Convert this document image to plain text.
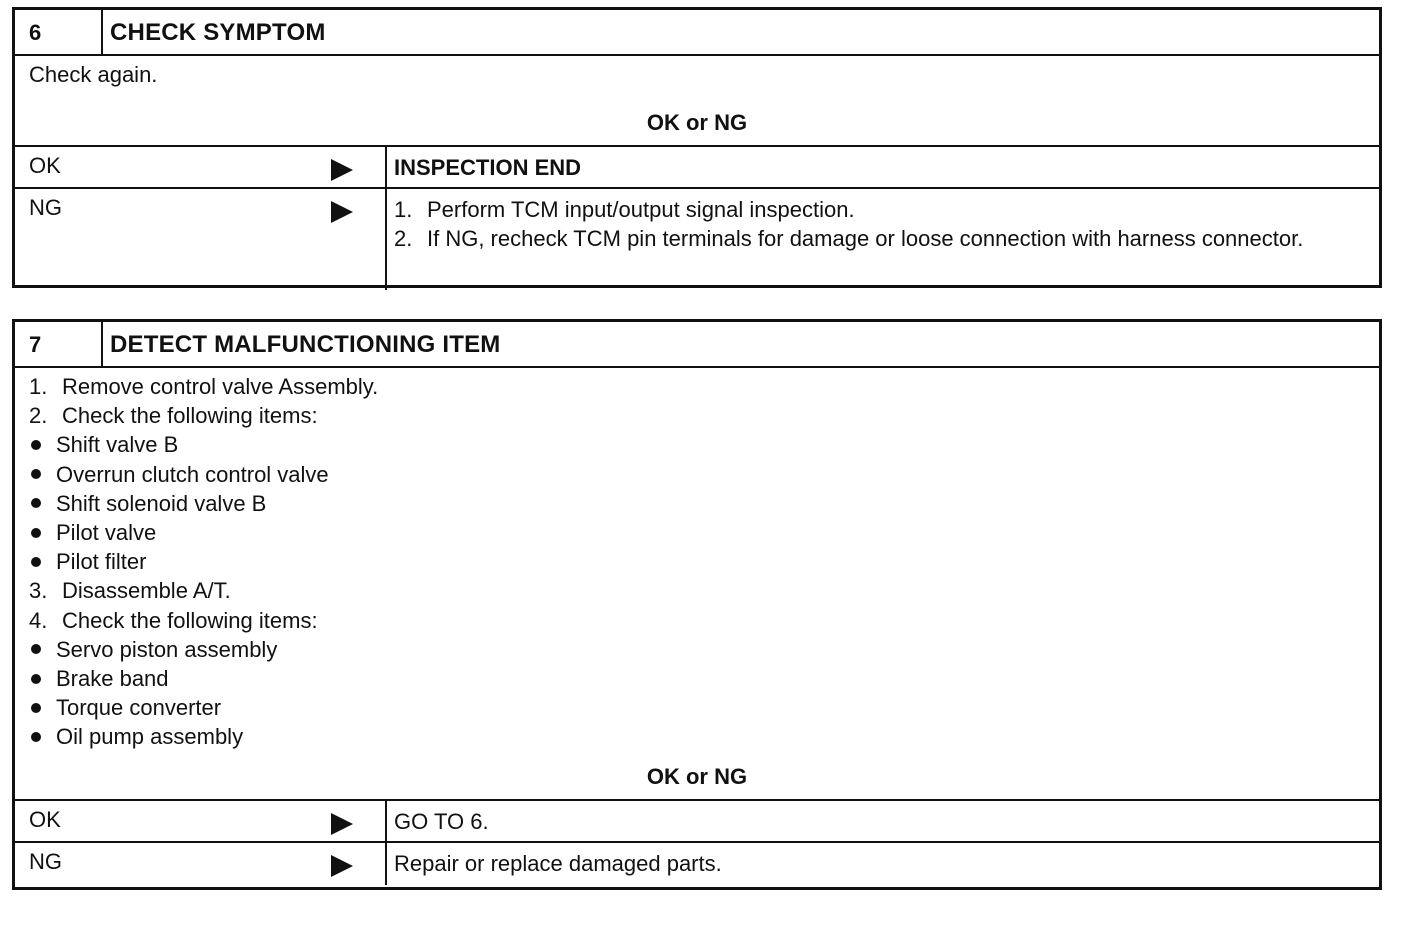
6	CHECK SYMPTOM
Check again.
OK or NG
OK	INSPECTION END
NG	1. Perform TCM input/output signal inspection.
2. If NG, recheck TCM pin terminals for damage or loose connection with harness connector.
7	DETECT MALFUNCTIONING ITEM
1. Remove control valve Assembly.
2. Check the following items:
Shift valve B
Overrun clutch control valve
Shift solenoid valve B
Pilot valve
Pilot filter
3. Disassemble A/T.
4. Check the following items:
Servo piston assembly
Brake band
Torque converter
Oil pump assembly
OK or NG
OK	GO TO 6.
NG	Repair or replace damaged parts.
